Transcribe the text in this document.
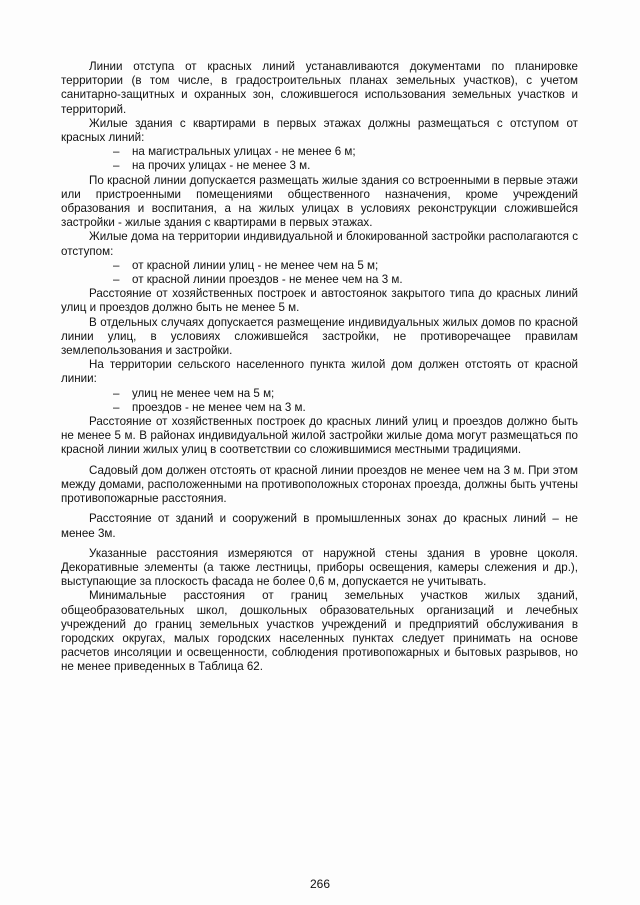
Линии отступа от красных линий устанавливаются документами по планировке территории (в том числе, в градостроительных планах земельных участков), с учетом санитарно-защитных и охранных зон, сложившегося использования земельных участков и территорий.

Жилые здания с квартирами в первых этажах должны размещаться с отступом от красных линий:

– на магистральных улицах - не менее 6 м;
– на прочих улицах - не менее 3 м.

По красной линии допускается размещать жилые здания со встроенными в первые этажи или пристроенными помещениями общественного назначения, кроме учреждений образования и воспитания, а на жилых улицах в условиях реконструкции сложившейся застройки - жилые здания с квартирами в первых этажах.

Жилые дома на территории индивидуальной и блокированной застройки располагаются с отступом:

– от красной линии улиц - не менее чем на 5 м;
– от красной линии проездов - не менее чем на 3 м.

Расстояние от хозяйственных построек и автостоянок закрытого типа до красных линий улиц и проездов должно быть не менее 5 м.

В отдельных случаях допускается размещение индивидуальных жилых домов по красной линии улиц, в условиях сложившейся застройки, не противоречащее правилам землепользования и застройки.

На территории сельского населенного пункта жилой дом должен отстоять от красной линии:

– улиц не менее чем на 5 м;
– проездов - не менее чем на 3 м.

Расстояние от хозяйственных построек до красных линий улиц и проездов должно быть не менее 5 м. В районах индивидуальной жилой застройки жилые дома могут размещаться по красной линии жилых улиц в соответствии со сложившимися местными традициями.

Садовый дом должен отстоять от красной линии проездов не менее чем на 3 м. При этом между домами, расположенными на противоположных сторонах проезда, должны быть учтены противопожарные расстояния.

Расстояние от зданий и сооружений в промышленных зонах до красных линий – не менее 3м.

Указанные расстояния измеряются от наружной стены здания в уровне цоколя. Декоративные элементы (а также лестницы, приборы освещения, камеры слежения и др.), выступающие за плоскость фасада не более 0,6 м, допускается не учитывать.

Минимальные расстояния от границ земельных участков жилых зданий, общеобразовательных школ, дошкольных образовательных организаций и лечебных учреждений до границ земельных участков учреждений и предприятий обслуживания в городских округах, малых городских населенных пунктах следует принимать на основе расчетов инсоляции и освещенности, соблюдения противопожарных и бытовых разрывов, но не менее приведенных в Таблица 62.

266
